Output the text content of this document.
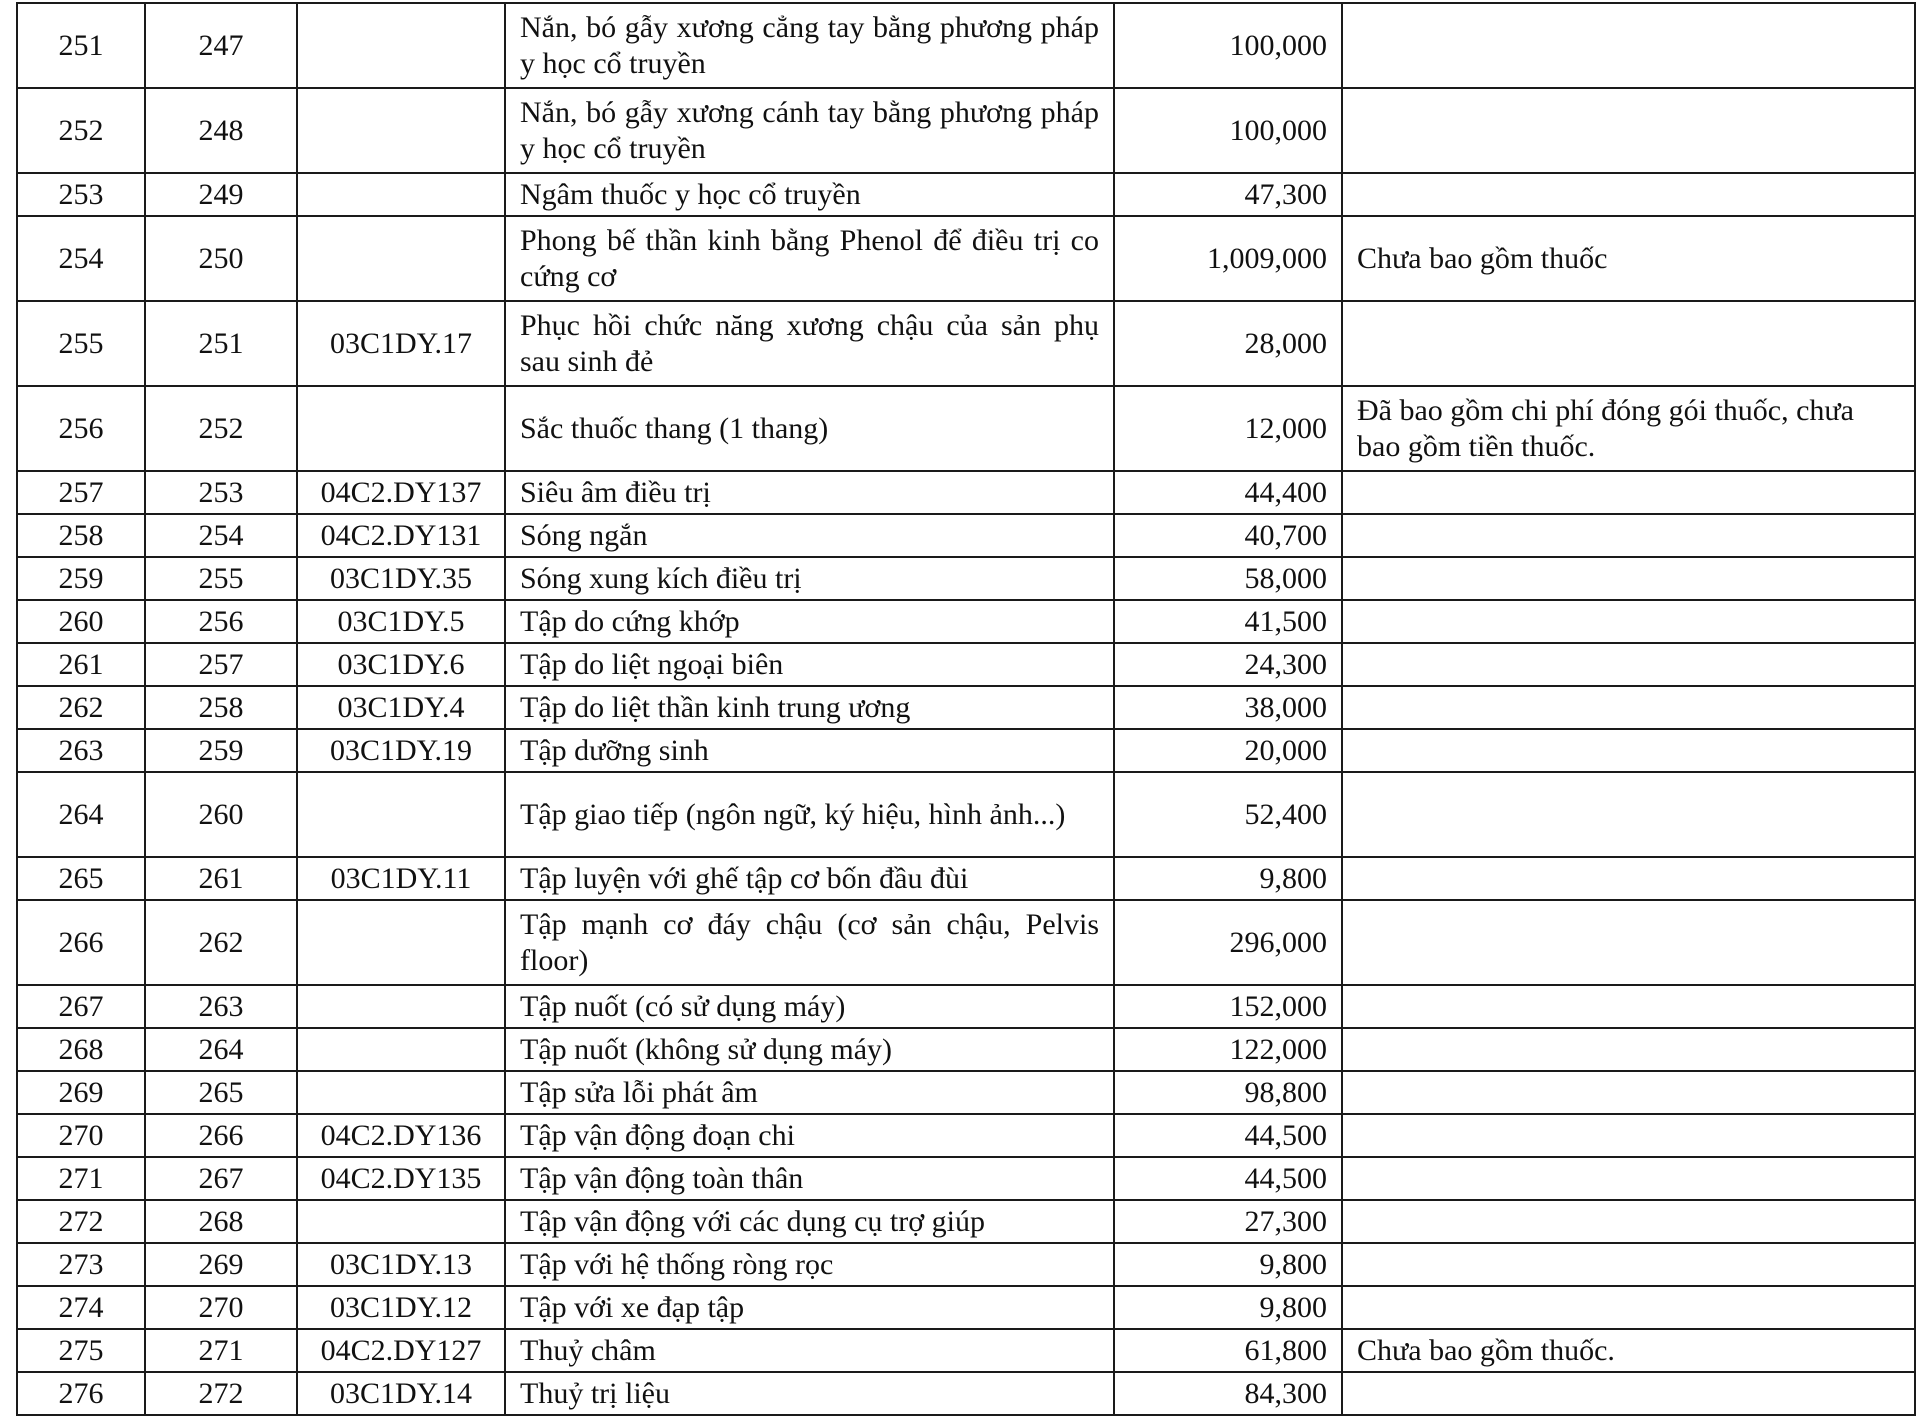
251	247		Nắn, bó gẫy xương cẳng tay bằng phương pháp y học cổ truyền	100,000	
252	248		Nắn, bó gẫy xương cánh tay bằng phương pháp y học cổ truyền	100,000	
253	249		Ngâm thuốc y học cổ truyền	47,300	
254	250		Phong bế thần kinh bằng Phenol để điều trị co cứng cơ	1,009,000	Chưa bao gồm thuốc
255	251	03C1DY.17	Phục hồi chức năng xương chậu của sản phụ sau sinh đẻ	28,000	
256	252		Sắc thuốc thang (1 thang)	12,000	Đã bao gồm chi phí đóng gói thuốc, chưa bao gồm tiền thuốc.
257	253	04C2.DY137	Siêu âm điều trị	44,400	
258	254	04C2.DY131	Sóng ngắn	40,700	
259	255	03C1DY.35	Sóng xung kích điều trị	58,000	
260	256	03C1DY.5	Tập do cứng khớp	41,500	
261	257	03C1DY.6	Tập do liệt ngoại biên	24,300	
262	258	03C1DY.4	Tập do liệt thần kinh trung ương	38,000	
263	259	03C1DY.19	Tập dưỡng sinh	20,000	
264	260		Tập giao tiếp (ngôn ngữ, ký hiệu, hình ảnh...)	52,400	
265	261	03C1DY.11	Tập luyện với ghế tập cơ bốn đầu đùi	9,800	
266	262		Tập mạnh cơ đáy chậu (cơ sản chậu, Pelvis floor)	296,000	
267	263		Tập nuốt (có sử dụng máy)	152,000	
268	264		Tập nuốt (không sử dụng máy)	122,000	
269	265		Tập sửa lỗi phát âm	98,800	
270	266	04C2.DY136	Tập vận động đoạn chi	44,500	
271	267	04C2.DY135	Tập vận động toàn thân	44,500	
272	268		Tập vận động với các dụng cụ trợ giúp	27,300	
273	269	03C1DY.13	Tập với hệ thống ròng rọc	9,800	
274	270	03C1DY.12	Tập với xe đạp tập	9,800	
275	271	04C2.DY127	Thuỷ châm	61,800	Chưa bao gồm thuốc.
276	272	03C1DY.14	Thuỷ trị liệu	84,300	
